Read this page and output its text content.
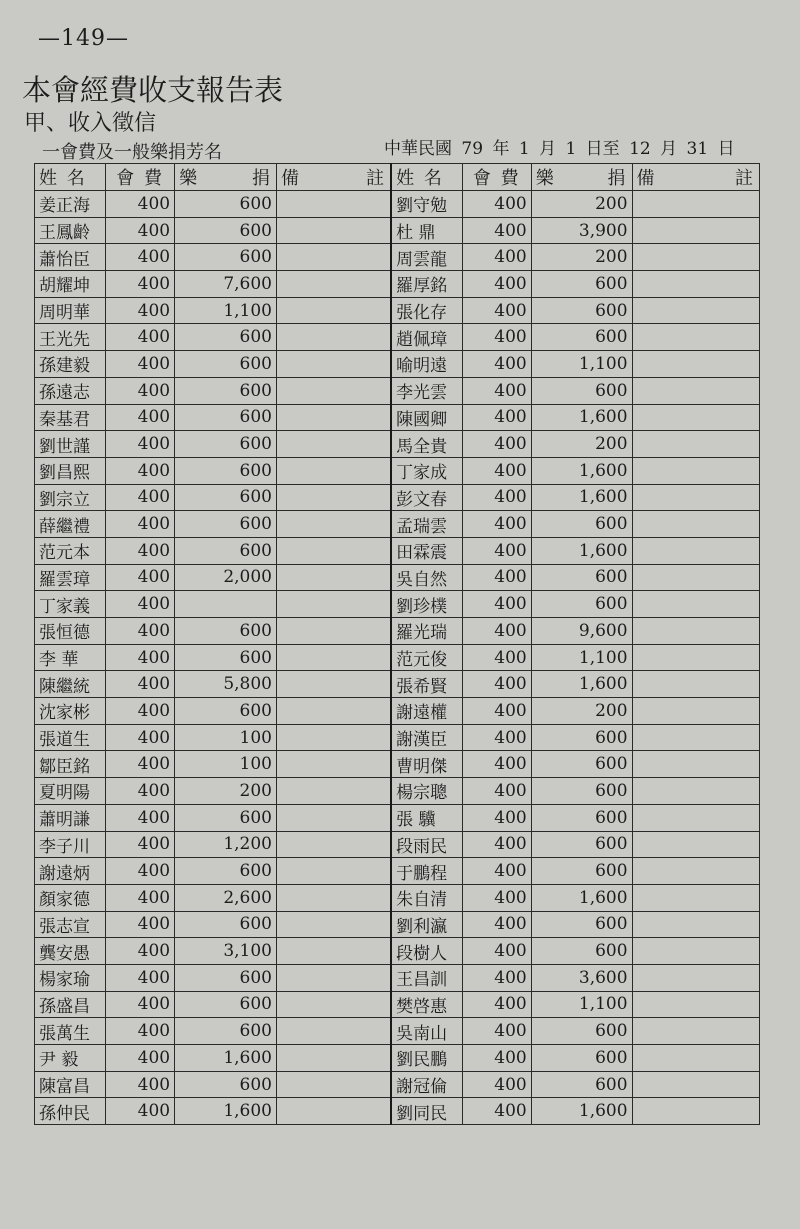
—149—
本會經費收支報告表
甲、收入徵信
一會費及一般樂捐芳名	中華民國 79 年 1 月 1 日至 12 月 31 日
姓 名	會 費	樂 捐	備 註	姓 名	會 費	樂 捐	備 註
姜正海	400	600		劉守勉	400	200	
王鳳齡	400	600		杜 鼎	400	3,900	
蕭怡臣	400	600		周雲龍	400	200	
胡耀坤	400	7,600		羅厚銘	400	600	
周明華	400	1,100		張化存	400	600	
王光先	400	600		趙佩璋	400	600	
孫建毅	400	600		喻明遠	400	1,100	
孫遠志	400	600		李光雲	400	600	
秦基君	400	600		陳國卿	400	1,600	
劉世謹	400	600		馬全貴	400	200	
劉昌熙	400	600		丁家成	400	1,600	
劉宗立	400	600		彭文春	400	1,600	
薛繼禮	400	600		孟瑞雲	400	600	
范元本	400	600		田霖震	400	1,600	
羅雲璋	400	2,000		吳自然	400	600	
丁家義	400			劉珍樸	400	600	
張恒德	400	600		羅光瑞	400	9,600	
李 華	400	600		范元俊	400	1,100	
陳繼統	400	5,800		張希賢	400	1,600	
沈家彬	400	600		謝遠權	400	200	
張道生	400	100		謝漢臣	400	600	
鄒臣銘	400	100		曹明傑	400	600	
夏明陽	400	200		楊宗聰	400	600	
蕭明謙	400	600		張 驥	400	600	
李子川	400	1,200		段雨民	400	600	
謝遠炳	400	600		于鵬程	400	600	
顏家德	400	2,600		朱自清	400	1,600	
張志宣	400	600		劉利瀛	400	600	
龔安愚	400	3,100		段樹人	400	600	
楊家瑜	400	600		王昌訓	400	3,600	
孫盛昌	400	600		樊啓惠	400	1,100	
張萬生	400	600		吳南山	400	600	
尹 毅	400	1,600		劉民鵬	400	600	
陳富昌	400	600		謝冠倫	400	600	
孫仲民	400	1,600		劉同民	400	1,600	
